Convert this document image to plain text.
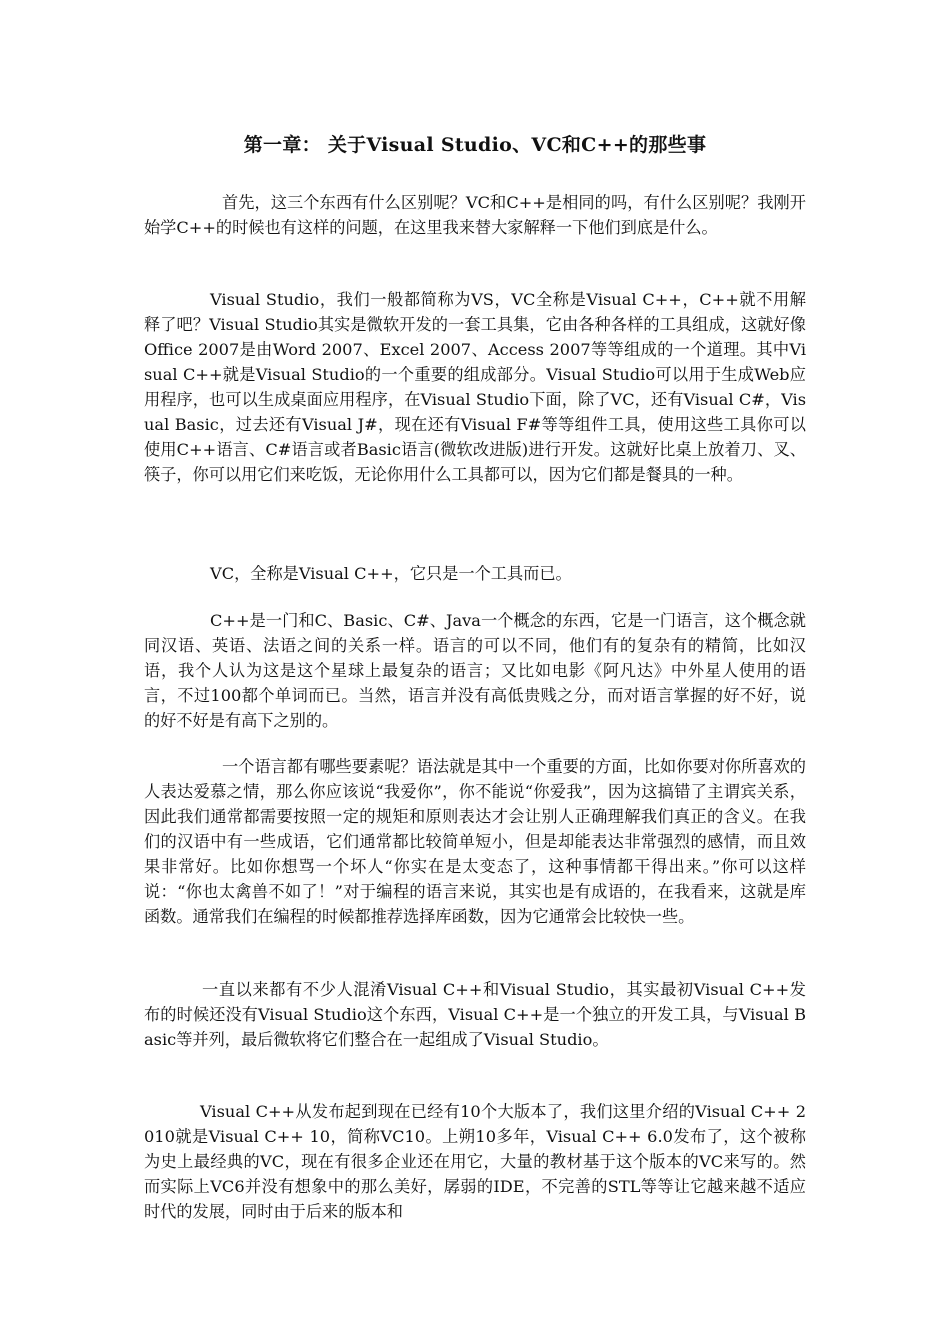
第一章： 关于Visual Studio、VC和C++的那些事

首先，这三个东西有什么区别呢？VC和C++是相同的吗，有什么区别呢？我刚开始学C++的时候也有这样的问题，在这里我来替大家解释一下他们到底是什么。

Visual Studio，我们一般都简称为VS，VC全称是Visual C++，C++就不用解释了吧？Visual Studio其实是微软开发的一套工具集，它由各种各样的工具组成，这就好像Office 2007是由Word 2007、Excel 2007、Access 2007等等组成的一个道理。其中Visual C++就是Visual Studio的一个重要的组成部分。Visual Studio可以用于生成Web应用程序，也可以生成桌面应用程序，在Visual Studio下面，除了VC，还有Visual C#，Visual Basic，过去还有Visual J#，现在还有Visual F#等等组件工具，使用这些工具你可以使用C++语言、C#语言或者Basic语言(微软改进版)进行开发。这就好比桌上放着刀、叉、筷子，你可以用它们来吃饭，无论你用什么工具都可以，因为它们都是餐具的一种。

VC，全称是Visual C++，它只是一个工具而已。

C++是一门和C、Basic、C#、Java一个概念的东西，它是一门语言，这个概念就同汉语、英语、法语之间的关系一样。语言的可以不同，他们有的复杂有的精简，比如汉语，我个人认为这是这个星球上最复杂的语言；又比如电影《阿凡达》中外星人使用的语言，不过100都个单词而已。当然，语言并没有高低贵贱之分，而对语言掌握的好不好，说的好不好是有高下之别的。

一个语言都有哪些要素呢？语法就是其中一个重要的方面，比如你要对你所喜欢的人表达爱慕之情，那么你应该说“我爱你”，你不能说“你爱我”，因为这搞错了主谓宾关系，因此我们通常都需要按照一定的规矩和原则表达才会让别人正确理解我们真正的含义。在我们的汉语中有一些成语，它们通常都比较简单短小，但是却能表达非常强烈的感情，而且效果非常好。比如你想骂一个坏人“你实在是太变态了，这种事情都干得出来。”你可以这样说：“你也太禽兽不如了！”对于编程的语言来说，其实也是有成语的，在我看来，这就是库函数。通常我们在编程的时候都推荐选择库函数，因为它通常会比较快一些。

一直以来都有不少人混淆Visual C++和Visual Studio，其实最初Visual C++发布的时候还没有Visual Studio这个东西，Visual C++是一个独立的开发工具，与Visual Basic等并列，最后微软将它们整合在一起组成了Visual Studio。

Visual C++从发布起到现在已经有10个大版本了，我们这里介绍的Visual C++ 2010就是Visual C++ 10，简称VC10。上朔10多年，Visual C++ 6.0发布了，这个被称为史上最经典的VC，现在有很多企业还在用它，大量的教材基于这个版本的VC来写的。然而实际上VC6并没有想象中的那么美好，孱弱的IDE，不完善的STL等等让它越来越不适应时代的发展，同时由于后来的版本和
